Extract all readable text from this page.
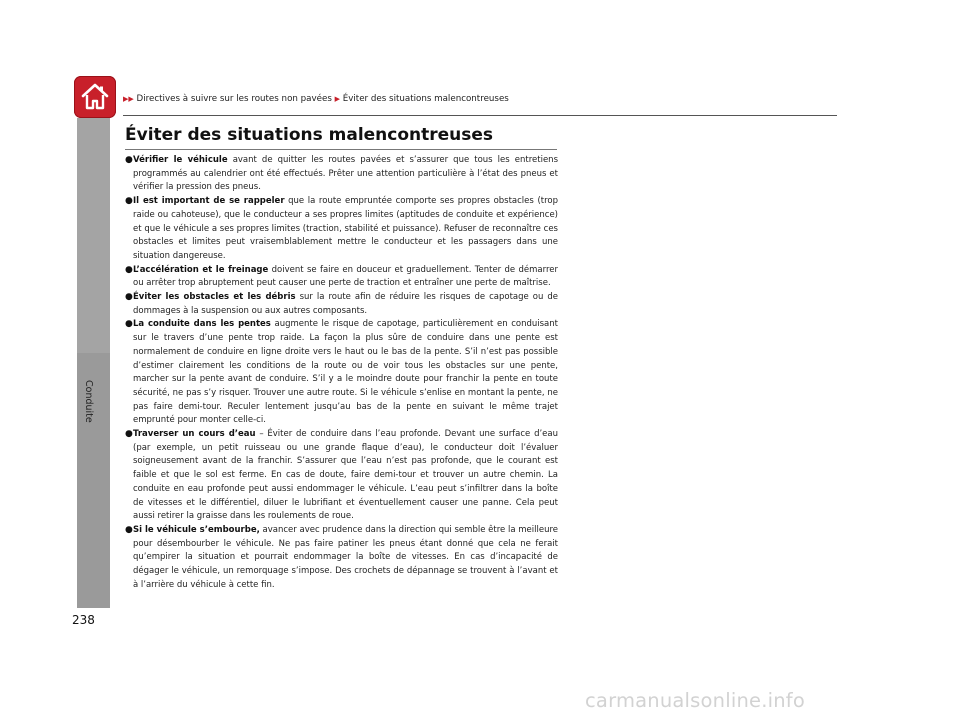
Conduite
▶▶ Directives à suivre sur les routes non pavées ▶ Éviter des situations malencontreuses
Éviter des situations malencontreuses

● Vérifier le véhicule avant de quitter les routes pavées et s’assurer que tous les entretiens programmés au calendrier ont été effectués. Prêter une attention particulière à l’état des pneus et vérifier la pression des pneus.

● Il est important de se rappeler que la route empruntée comporte ses propres obstacles (trop raide ou cahoteuse), que le conducteur a ses propres limites (aptitudes de conduite et expérience) et que le véhicule a ses propres limites (traction, stabilité et puissance). Refuser de reconnaître ces obstacles et limites peut vraisemblablement mettre le conducteur et les passagers dans une situation dangereuse.

● L’accélération et le freinage doivent se faire en douceur et graduellement. Tenter de démarrer ou arrêter trop abruptement peut causer une perte de traction et entraîner une perte de maîtrise.

● Éviter les obstacles et les débris sur la route afin de réduire les risques de capotage ou de dommages à la suspension ou aux autres composants.

● La conduite dans les pentes augmente le risque de capotage, particulièrement en conduisant sur le travers d’une pente trop raide. La façon la plus sûre de conduire dans une pente est normalement de conduire en ligne droite vers le haut ou le bas de la pente. S’il n’est pas possible d’estimer clairement les conditions de la route ou de voir tous les obstacles sur une pente, marcher sur la pente avant de conduire. S’il y a le moindre doute pour franchir la pente en toute sécurité, ne pas s’y risquer. Trouver une autre route. Si le véhicule s’enlise en montant la pente, ne pas faire demi-tour. Reculer lentement jusqu’au bas de la pente en suivant le même trajet emprunté pour monter celle-ci.

● Traverser un cours d’eau – Éviter de conduire dans l’eau profonde. Devant une surface d’eau (par exemple, un petit ruisseau ou une grande flaque d’eau), le conducteur doit l’évaluer soigneusement avant de la franchir. S’assurer que l’eau n’est pas profonde, que le courant est faible et que le sol est ferme. En cas de doute, faire demi-tour et trouver un autre chemin. La conduite en eau profonde peut aussi endommager le véhicule. L’eau peut s’infiltrer dans la boîte de vitesses et le différentiel, diluer le lubrifiant et éventuellement causer une panne. Cela peut aussi retirer la graisse dans les roulements de roue.

● Si le véhicule s’embourbe, avancer avec prudence dans la direction qui semble être la meilleure pour désembourber le véhicule. Ne pas faire patiner les pneus étant donné que cela ne ferait qu’empirer la situation et pourrait endommager la boîte de vitesses. En cas d’incapacité de dégager le véhicule, un remorquage s’impose. Des crochets de dépannage se trouvent à l’avant et à l’arrière du véhicule à cette fin.

238
carmanualsonline.info
